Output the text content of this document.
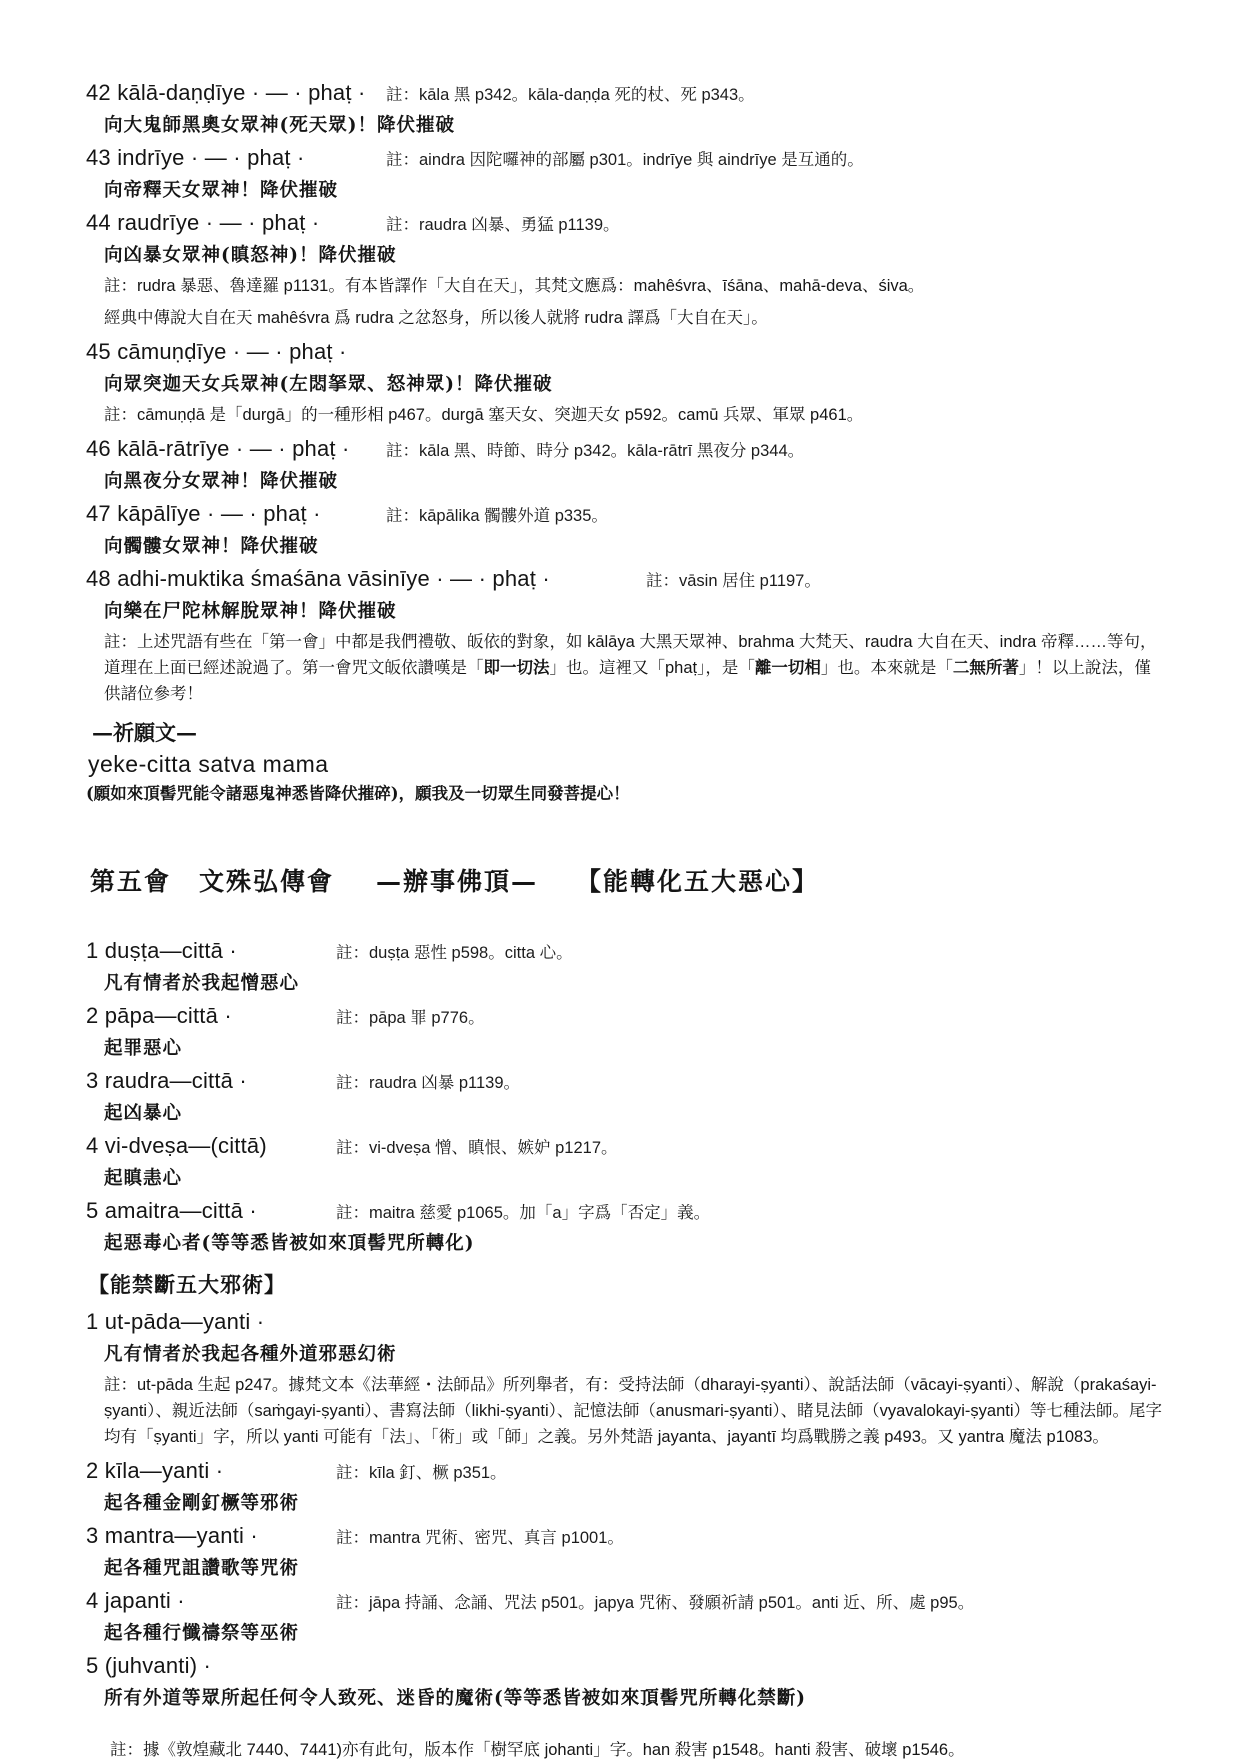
42 kālā-daṇḍīye · — · phaṭ ·	註：kāla 黑 p342。kāla-daṇḍa 死的杖、死 p343。
向大鬼師黑奧女眾神(死天眾)！降伏摧破
43 indrīye · — · phaṭ ·	註：aindra 因陀囉神的部屬 p301。indrīye 與 aindrīye 是互通的。
向帝釋天女眾神！降伏摧破
44 raudrīye · — · phaṭ ·	註：raudra 凶暴、勇猛 p1139。
向凶暴女眾神(瞋怒神)！降伏摧破
註：rudra 暴惡、魯達羅 p1131。有本皆譯作「大自在天」，其梵文應爲：mahêśvra、īśāna、mahā-deva、śiva。
經典中傳說大自在天 mahêśvra 爲 rudra 之忿怒身，所以後人就將 rudra 譯爲「大自在天」。
45 cāmuṇḍīye · — · phaṭ ·
向眾突迦天女兵眾神(左悶拏眾、怒神眾)！降伏摧破
註：cāmuṇḍā 是「durgā」的一種形相 p467。durgā 塞天女、突迦天女 p592。camū 兵眾、軍眾 p461。
46 kālā-rātrīye · — · phaṭ ·	註：kāla 黑、時節、時分 p342。kāla-rātrī 黑夜分 p344。
向黑夜分女眾神！降伏摧破
47 kāpālīye · — · phaṭ ·	註：kāpālika 髑髏外道 p335。
向髑髏女眾神！降伏摧破
48 adhi-muktika śmaśāna vāsinīye · — · phaṭ ·	註：vāsin 居住 p1197。
向樂在尸陀林解脫眾神！降伏摧破
註：上述咒語有些在「第一會」中都是我們禮敬、皈依的對象，如 kālāya 大黑天眾神、brahma 大梵天、raudra 大自在天、indra 帝釋……等句，道理在上面已經述說過了。第一會咒文皈依讚嘆是「即一切法」也。這裡又「phaṭ」，是「離一切相」也。本來就是「二無所著」！以上說法，僅供諸位參考！
—祈願文—
yeke-citta satva mama
(願如來頂髻咒能令諸惡鬼神悉皆降伏摧碎)，願我及一切眾生同發菩提心！
第五會 文殊弘傳會 —辦事佛頂— 【能轉化五大惡心】
1 duṣṭa—cittā ·	註：duṣṭa 惡性 p598。citta 心。
凡有情者於我起憎惡心
2 pāpa—cittā ·	註：pāpa 罪 p776。
起罪惡心
3 raudra—cittā ·	註：raudra 凶暴 p1139。
起凶暴心
4 vi-dveṣa—(cittā)	註：vi-dveṣa 憎、瞋恨、嫉妒 p1217。
起瞋恚心
5 amaitra—cittā ·	註：maitra 慈愛 p1065。加「a」字爲「否定」義。
起惡毒心者(等等悉皆被如來頂髻咒所轉化)
【能禁斷五大邪術】
1 ut-pāda—yanti ·
凡有情者於我起各種外道邪惡幻術
註：ut-pāda 生起 p247。據梵文本《法華經・法師品》所列舉者，有：受持法師（dharayi-ṣyanti）、說話法師（vācayi-ṣyanti）、解說（prakaśayi-ṣyanti）、親近法師（saṁgayi-ṣyanti）、書寫法師（likhi-ṣyanti）、記憶法師（anusmari-ṣyanti）、睹見法師（vyavalokayi-ṣyanti）等七種法師。尾字均有「ṣyanti」字，所以 yanti 可能有「法」、「術」或「師」之義。另外梵語 jayanta、jayantī 均爲戰勝之義 p493。又 yantra 魔法 p1083。
2 kīla—yanti ·	註：kīla 釘、橛 p351。
起各種金剛釘橛等邪術
3 mantra—yanti ·	註：mantra 咒術、密咒、真言 p1001。
起各種咒詛讚歌等咒術
4 japanti ·	註：jāpa 持誦、念誦、咒法 p501。japya 咒術、發願祈請 p501。anti 近、所、處 p95。
起各種行懺禱祭等巫術
5 (juhvanti) ·
所有外道等眾所起任何令人致死、迷昏的魔術(等等悉皆被如來頂髻咒所轉化禁斷)
註：據《敦煌藏北 7440、7441)亦有此句，版本作「樹罕底 johanti」字。han 殺害 p1548。hanti 殺害、破壞 p1546。
